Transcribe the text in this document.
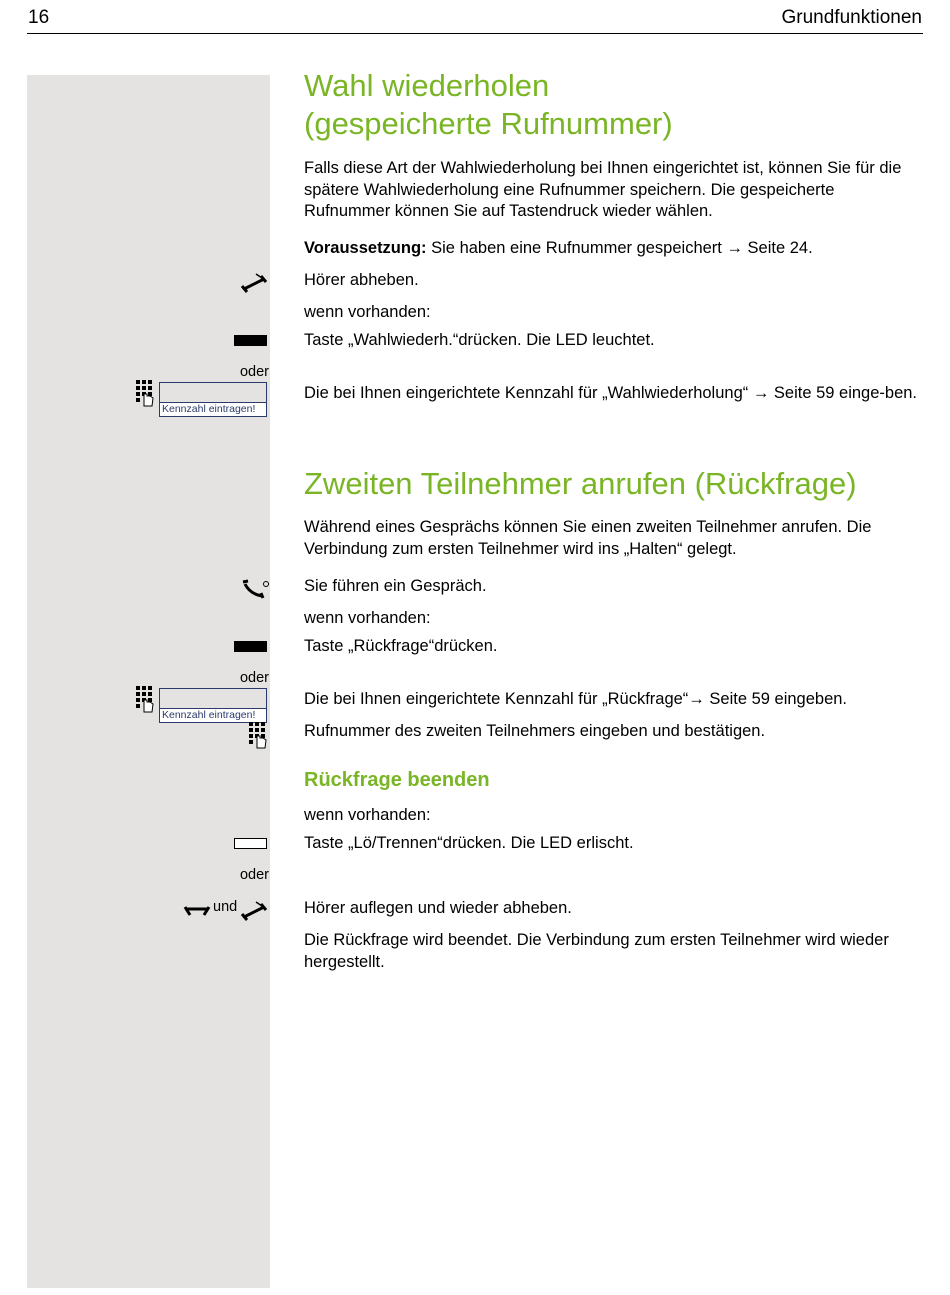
16	Grundfunktionen
Wahl wiederholen
(gespeicherte Rufnummer)

Falls diese Art der Wahlwiederholung bei Ihnen eingerichtet ist, können Sie für die spätere Wahlwiederholung eine Rufnummer speichern. Die gespeicherte Rufnummer können Sie auf Tastendruck wieder wählen.

Voraussetzung: Sie haben eine Rufnummer gespeichert → Seite 24.

Hörer abheben.

wenn vorhanden:

Taste „Wahlwiederh.“drücken. Die LED leuchtet.

oder
Kennzahl eintragen!

Die bei Ihnen eingerichtete Kennzahl für „Wahlwiederholung“ → Seite 59 einge-ben.

Zweiten Teilnehmer anrufen (Rückfrage)

Während eines Gesprächs können Sie einen zweiten Teilnehmer anrufen. Die Verbindung zum ersten Teilnehmer wird ins „Halten“ gelegt.

Sie führen ein Gespräch.

wenn vorhanden:

Taste „Rückfrage“drücken.

oder
Kennzahl eintragen!

Die bei Ihnen eingerichtete Kennzahl für „Rückfrage“→ Seite 59 eingeben.

Rufnummer des zweiten Teilnehmers eingeben und bestätigen.

Rückfrage beenden

wenn vorhanden:

Taste „Lö/Trennen“drücken. Die LED erlischt.

oder
und	Hörer auflegen und wieder abheben.

Die Rückfrage wird beendet. Die Verbindung zum ersten Teilnehmer wird wieder hergestellt.
